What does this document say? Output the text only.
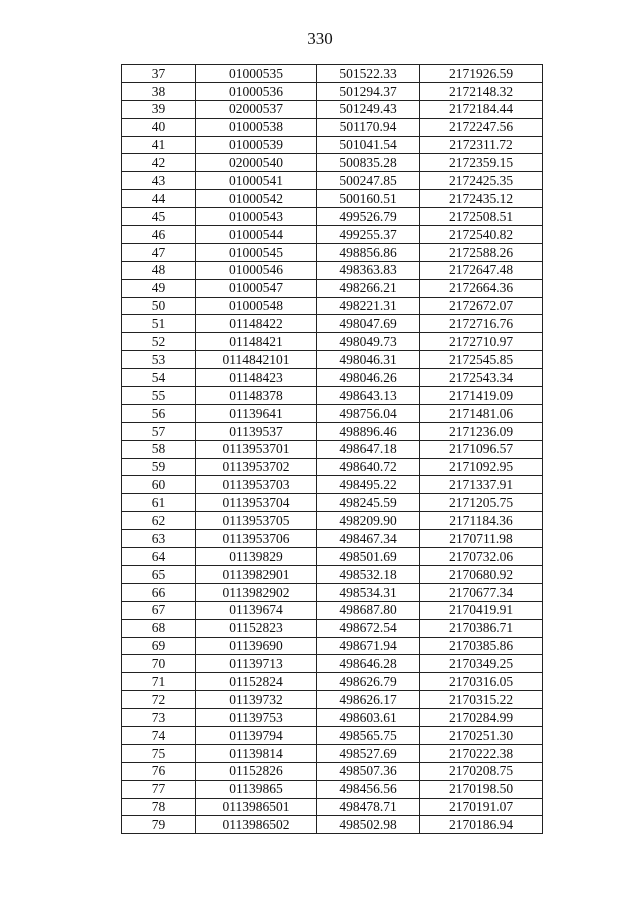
330
37	01000535	501522.33	2171926.59
38	01000536	501294.37	2172148.32
39	02000537	501249.43	2172184.44
40	01000538	501170.94	2172247.56
41	01000539	501041.54	2172311.72
42	02000540	500835.28	2172359.15
43	01000541	500247.85	2172425.35
44	01000542	500160.51	2172435.12
45	01000543	499526.79	2172508.51
46	01000544	499255.37	2172540.82
47	01000545	498856.86	2172588.26
48	01000546	498363.83	2172647.48
49	01000547	498266.21	2172664.36
50	01000548	498221.31	2172672.07
51	01148422	498047.69	2172716.76
52	01148421	498049.73	2172710.97
53	0114842101	498046.31	2172545.85
54	01148423	498046.26	2172543.34
55	01148378	498643.13	2171419.09
56	01139641	498756.04	2171481.06
57	01139537	498896.46	2171236.09
58	0113953701	498647.18	2171096.57
59	0113953702	498640.72	2171092.95
60	0113953703	498495.22	2171337.91
61	0113953704	498245.59	2171205.75
62	0113953705	498209.90	2171184.36
63	0113953706	498467.34	2170711.98
64	01139829	498501.69	2170732.06
65	0113982901	498532.18	2170680.92
66	0113982902	498534.31	2170677.34
67	01139674	498687.80	2170419.91
68	01152823	498672.54	2170386.71
69	01139690	498671.94	2170385.86
70	01139713	498646.28	2170349.25
71	01152824	498626.79	2170316.05
72	01139732	498626.17	2170315.22
73	01139753	498603.61	2170284.99
74	01139794	498565.75	2170251.30
75	01139814	498527.69	2170222.38
76	01152826	498507.36	2170208.75
77	01139865	498456.56	2170198.50
78	0113986501	498478.71	2170191.07
79	0113986502	498502.98	2170186.94
